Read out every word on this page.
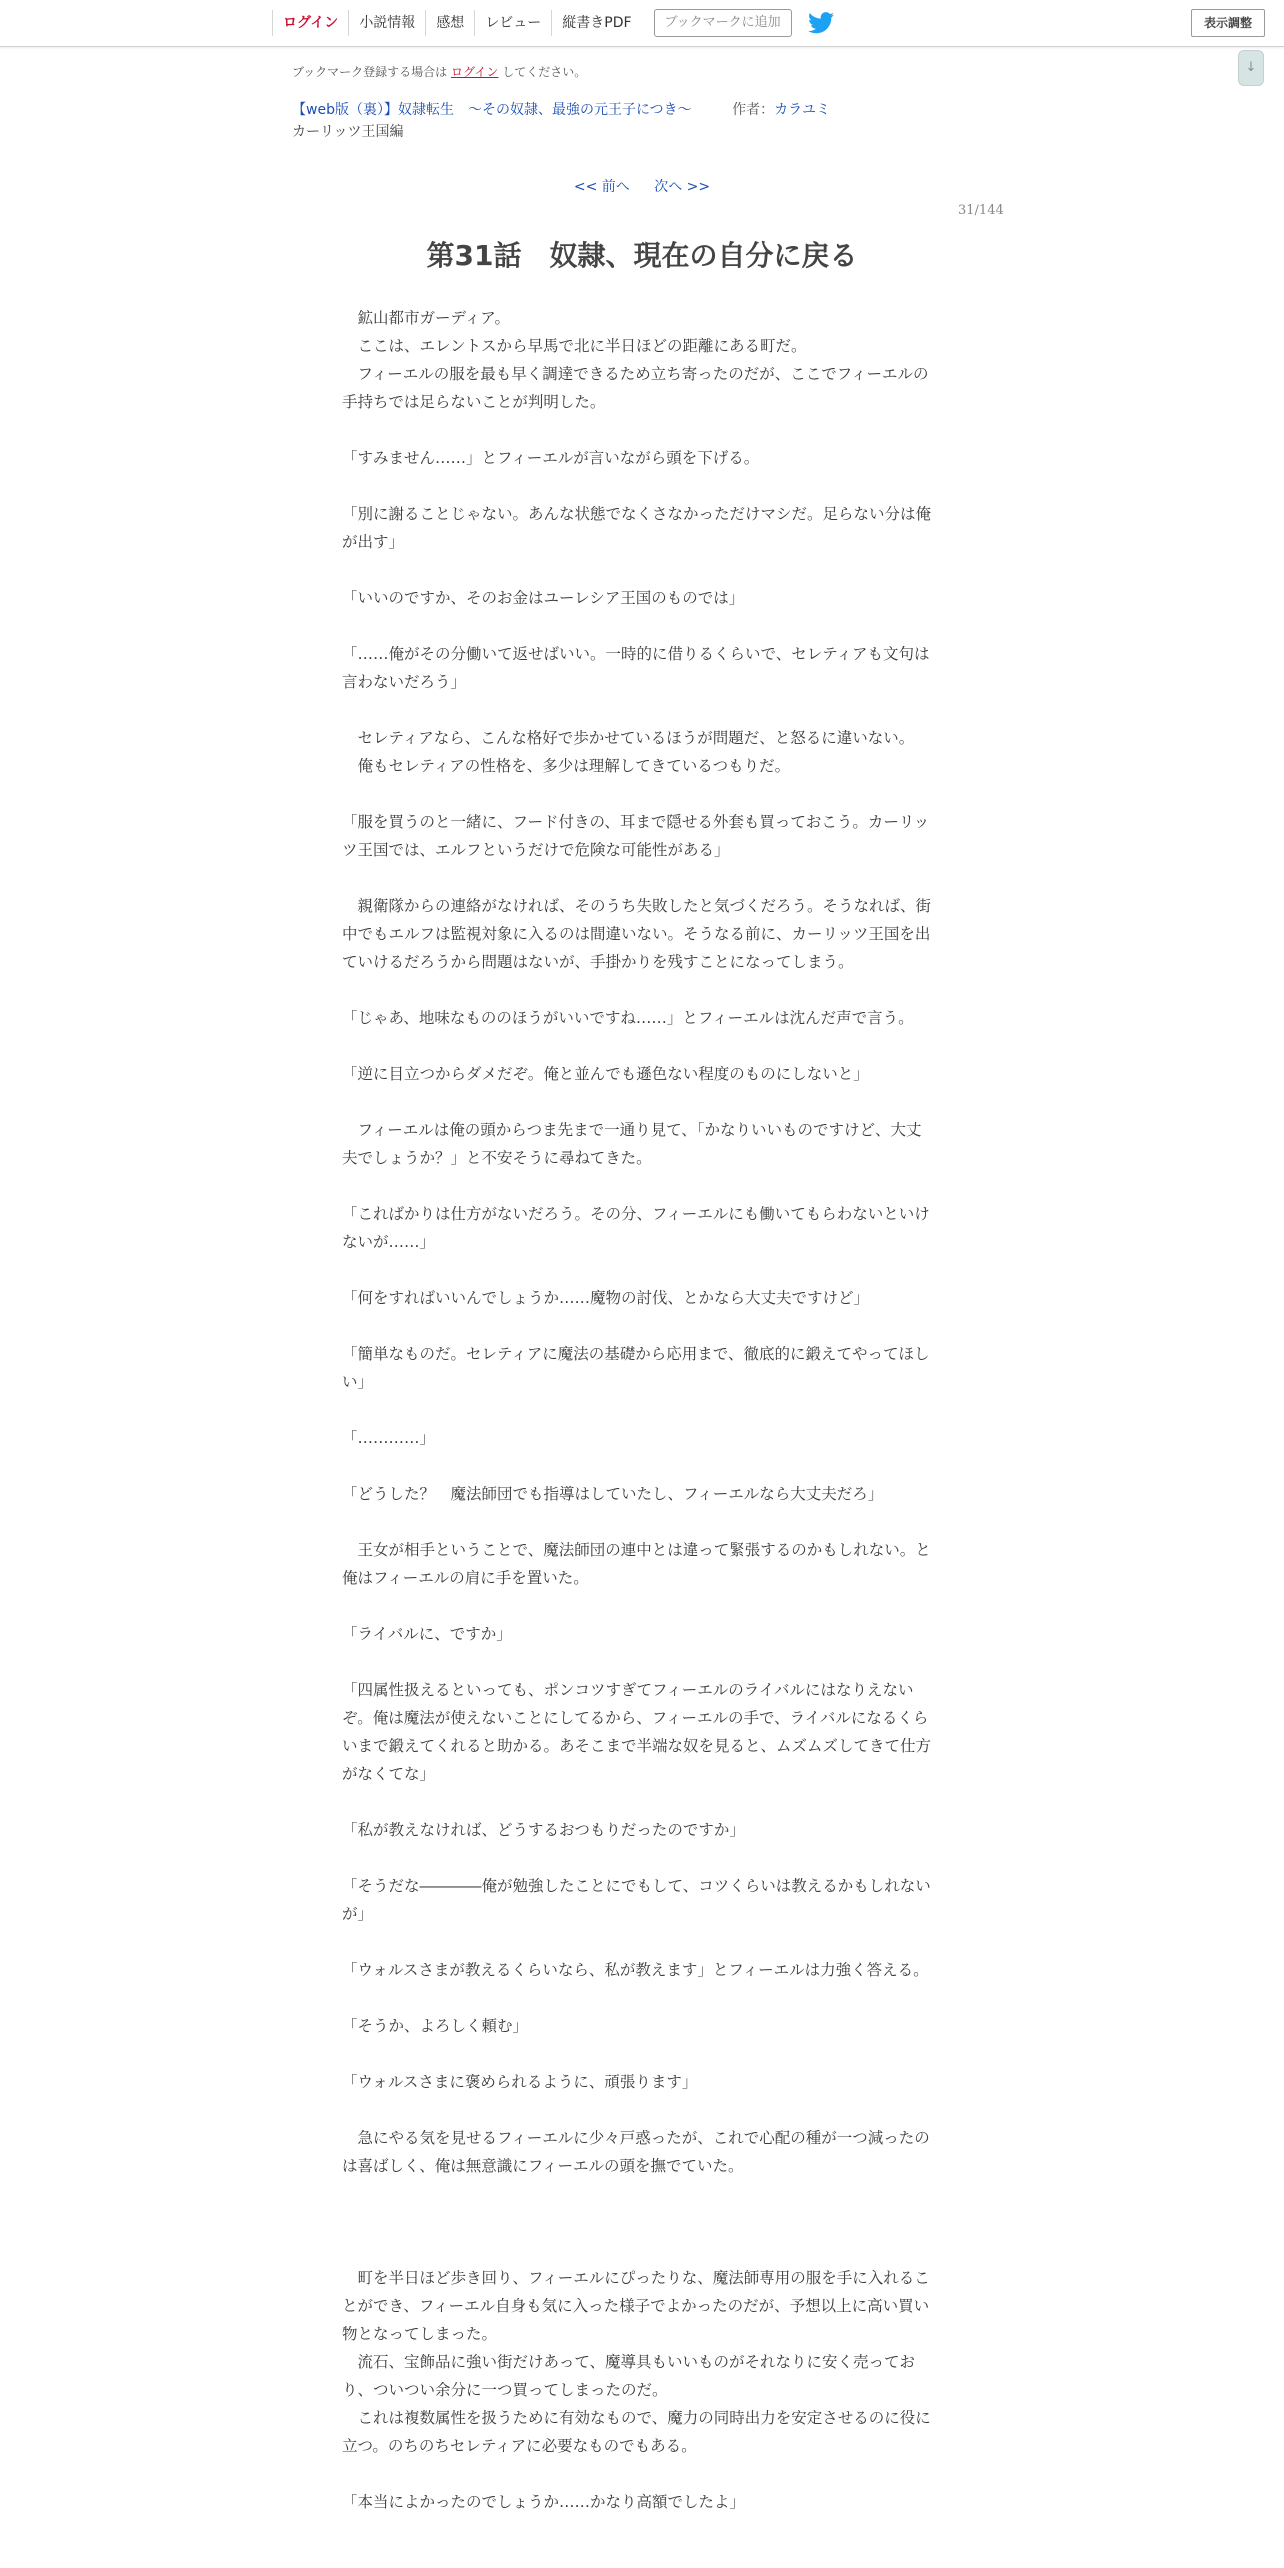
ログイン	小説情報	感想	レビュー	縦書きPDF	ブックマークに追加	表示調整
↓
ブックマーク登録する場合は ログイン してください。
【web版（裏）】奴隷転生　～その奴隷、最強の元王子につき～	作者：カラユミ
カーリッツ王国編
<< 前へ 次へ >>
31/144
第31話　奴隷、現在の自分に戻る

鉱山都市ガーディア。

ここは、エレントスから早馬で北に半日ほどの距離にある町だ。

フィーエルの服を最も早く調達できるため立ち寄ったのだが、ここでフィーエルの手持ちでは足らないことが判明した。

「すみません……」とフィーエルが言いながら頭を下げる。

「別に謝ることじゃない。あんな状態でなくさなかっただけマシだ。足らない分は俺が出す」

「いいのですか、そのお金はユーレシア王国のものでは」

「……俺がその分働いて返せばいい。一時的に借りるくらいで、セレティアも文句は言わないだろう」

セレティアなら、こんな格好で歩かせているほうが問題だ、と怒るに違いない。

俺もセレティアの性格を、多少は理解してきているつもりだ。

「服を買うのと一緒に、フード付きの、耳まで隠せる外套も買っておこう。カーリッツ王国では、エルフというだけで危険な可能性がある」

親衛隊からの連絡がなければ、そのうち失敗したと気づくだろう。そうなれば、街中でもエルフは監視対象に入るのは間違いない。そうなる前に、カーリッツ王国を出ていけるだろうから問題はないが、手掛かりを残すことになってしまう。

「じゃあ、地味なもののほうがいいですね……」とフィーエルは沈んだ声で言う。

「逆に目立つからダメだぞ。俺と並んでも遜色ない程度のものにしないと」

フィーエルは俺の頭からつま先まで一通り見て、「かなりいいものですけど、大丈夫でしょうか？」と不安そうに尋ねてきた。

「こればかりは仕方がないだろう。その分、フィーエルにも働いてもらわないといけないが……」

「何をすればいいんでしょうか……魔物の討伐、とかなら大丈夫ですけど」

「簡単なものだ。セレティアに魔法の基礎から応用まで、徹底的に鍛えてやってほしい」

「…………」

「どうした？　魔法師団でも指導はしていたし、フィーエルなら大丈夫だろ」

王女が相手ということで、魔法師団の連中とは違って緊張するのかもしれない。と俺はフィーエルの肩に手を置いた。

「ライバルに、ですか」

「四属性扱えるといっても、ポンコツすぎてフィーエルのライバルにはなりえないぞ。俺は魔法が使えないことにしてるから、フィーエルの手で、ライバルになるくらいまで鍛えてくれると助かる。あそこまで半端な奴を見ると、ムズムズしてきて仕方がなくてな」

「私が教えなければ、どうするおつもりだったのですか」

「そうだな――――俺が勉強したことにでもして、コツくらいは教えるかもしれないが」

「ウォルスさまが教えるくらいなら、私が教えます」とフィーエルは力強く答える。

「そうか、よろしく頼む」

「ウォルスさまに褒められるように、頑張ります」

急にやる気を見せるフィーエルに少々戸惑ったが、これで心配の種が一つ減ったのは喜ばしく、俺は無意識にフィーエルの頭を撫でていた。

町を半日ほど歩き回り、フィーエルにぴったりな、魔法師専用の服を手に入れることができ、フィーエル自身も気に入った様子でよかったのだが、予想以上に高い買い物となってしまった。

流石、宝飾品に強い街だけあって、魔導具もいいものがそれなりに安く売っており、ついつい余分に一つ買ってしまったのだ。

これは複数属性を扱うために有効なもので、魔力の同時出力を安定させるのに役に立つ。のちのちセレティアに必要なものでもある。

「本当によかったのでしょうか……かなり高額でしたよ」
